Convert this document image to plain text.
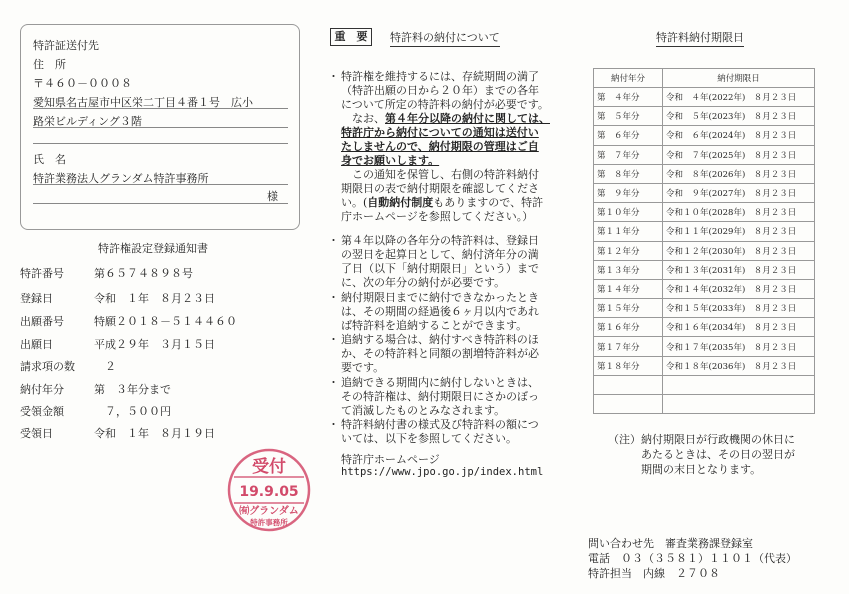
特許証送付先
住　所
〒４６０－０００８
愛知県名古屋市中区栄二丁目４番１号　広小
路栄ビルディング３階
氏　名
特許業務法人グランダム特許事務所
様
特許権設定登録通知書
特許番号	第６５７４８９８号
登録日	令和　１年　８月２３日
出願番号	特願２０１８－５１４４６０
出願日	平成２９年　３月１５日
請求項の数 　２
納付年分	第　３年分まで
受領金額	　７，５００円
受領日	令和　１年　８月１９日
受付
19.9.05
㈲グランダム
特許事務所
重　要	特許料の納付について
・ 特許権を維持するには、存続期間の満了
（特許出願の日から２０年）までの各年
について所定の特許料の納付が必要です。
　なお、第４年分以降の納付に関しては、
特許庁から納付についての通知は送付い
たしませんので、納付期限の管理はご自
身でお願いします。
　この通知を保管し、右側の特許料納付
期限日の表で納付期限を確認してくださ
い。(自動納付制度もありますので、特許
庁ホームページを参照してください。）
・ 第４年以降の各年分の特許料は、登録日
の翌日を起算日として、納付済年分の満
了日（以下「納付期限日」という）まで
に、次の年分の納付が必要です。
・ 納付期限日までに納付できなかったとき
は、その期間の経過後６ヶ月以内であれ
ば特許料を追納することができます。
・ 追納する場合は、納付すべき特許料のほ
か、その特許料と同額の割増特許料が必
要です。
・ 追納できる期間内に納付しないときは、
その特許権は、納付期限日にさかのぼっ
て消滅したものとみなされます。
・ 特許料納付書の様式及び特許料の額につ
いては、以下を参照してください。
特許庁ホームページ
https://www.jpo.go.jp/index.html
特許料納付期限日
納付年分	納付期限日
第　４年分	令和　４年(2022年)　８月２３日
第　５年分	令和　５年(2023年)　８月２３日
第　６年分	令和　６年(2024年)　８月２３日
第　７年分	令和　７年(2025年)　８月２３日
第　８年分	令和　８年(2026年)　８月２３日
第　９年分	令和　９年(2027年)　８月２３日
第１０年分	令和１０年(2028年)　８月２３日
第１１年分	令和１１年(2029年)　８月２３日
第１２年分	令和１２年(2030年)　８月２３日
第１３年分	令和１３年(2031年)　８月２３日
第１４年分	令和１４年(2032年)　８月２３日
第１５年分	令和１５年(2033年)　８月２３日
第１６年分	令和１６年(2034年)　８月２３日
第１７年分	令和１７年(2035年)　８月２３日
第１８年分	令和１８年(2036年)　８月２３日

（注）納付期限日が行政機関の休日に
　　　あたるときは、その日の翌日が
　　　期間の末日となります。
問い合わせ先　審査業務課登録室
電話　０３（３５８１）１１０１（代表）
特許担当　内線　２７０８
